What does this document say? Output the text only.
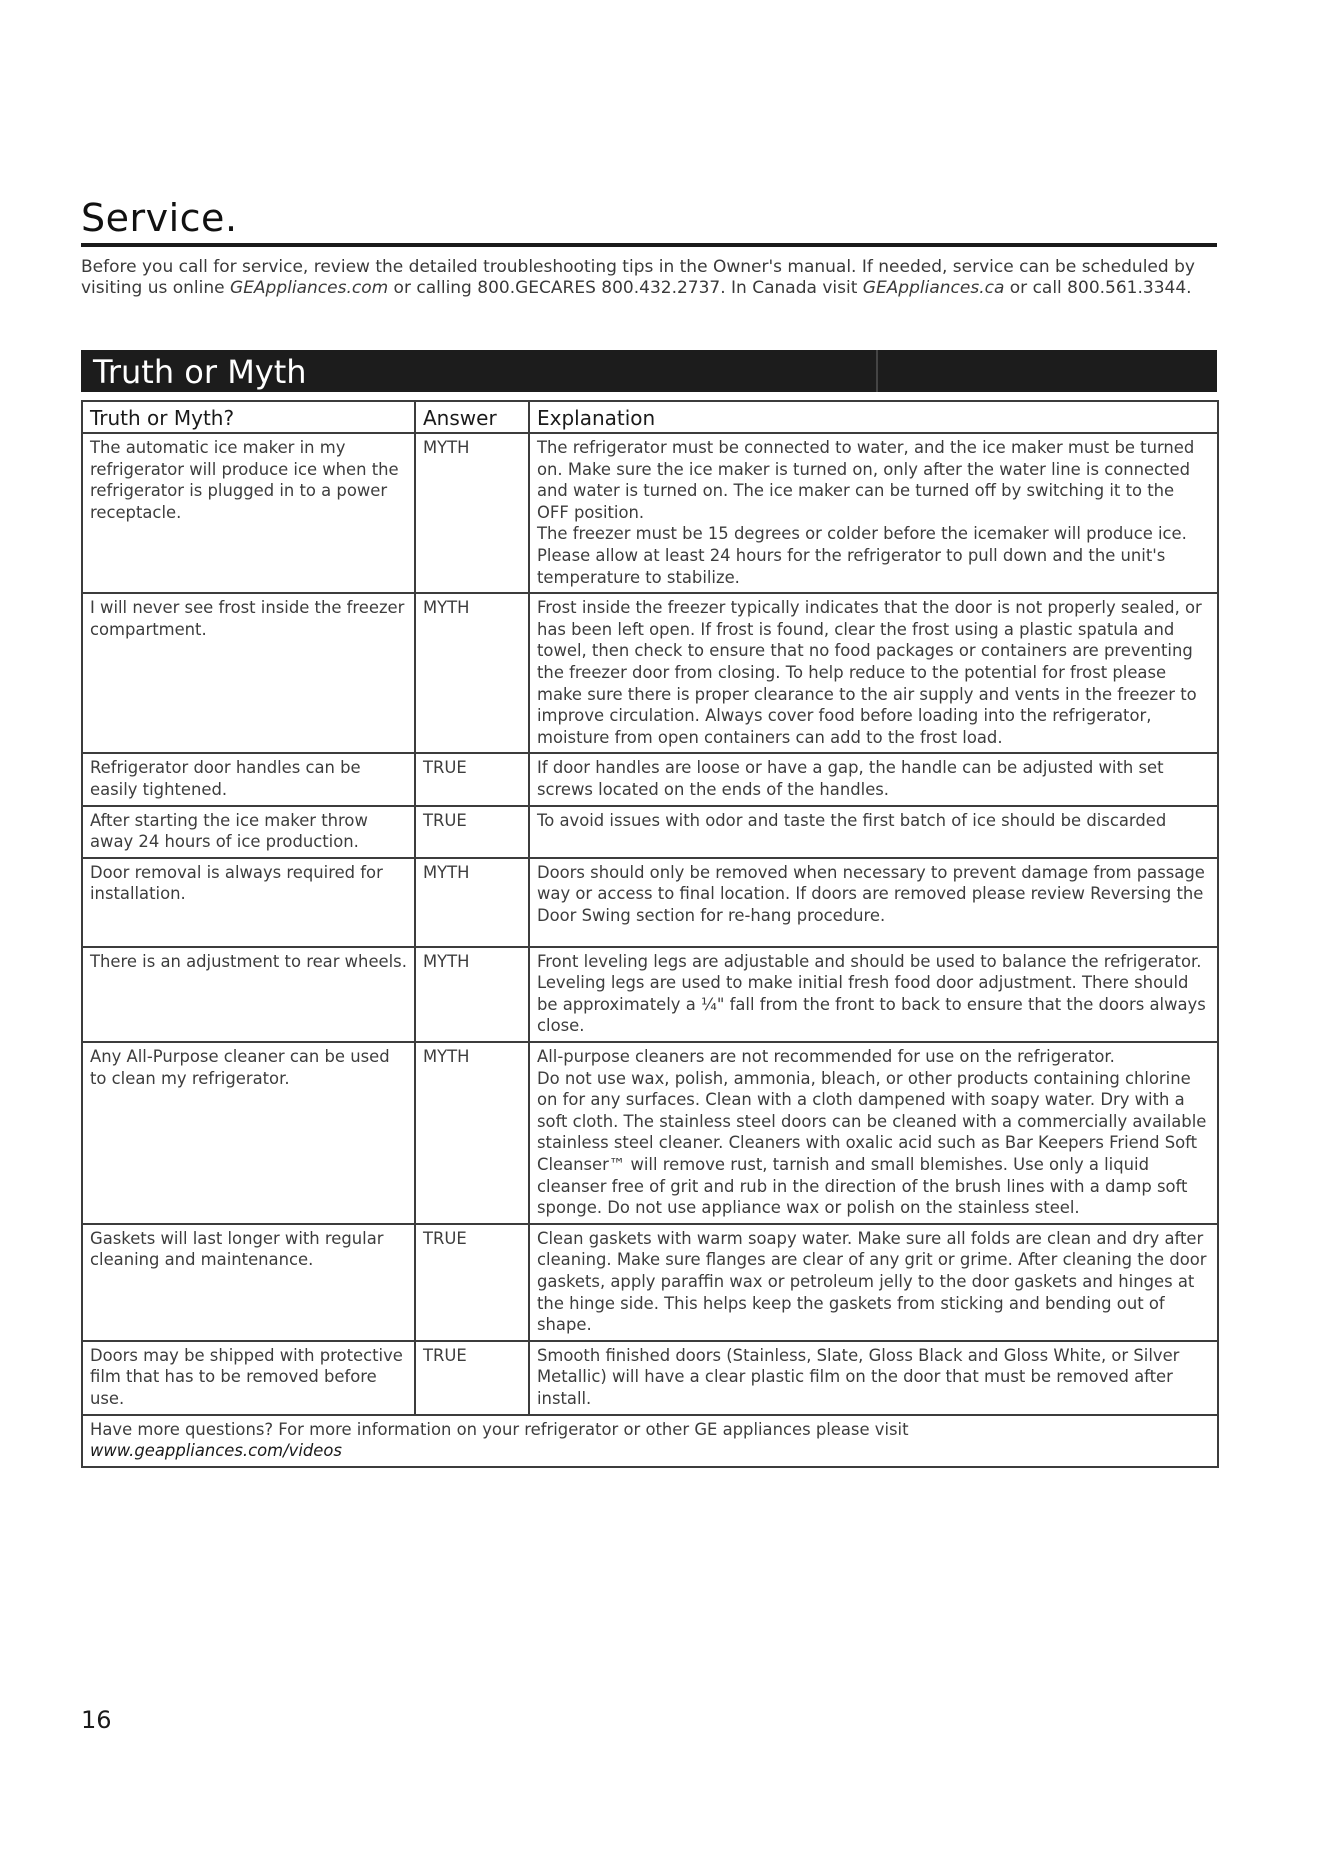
Service.

Before you call for service, review the detailed troubleshooting tips in the Owner's manual. If needed, service can be scheduled by visiting us online GEAppliances.com or calling 800.GECARES 800.432.2737. In Canada visit GEAppliances.ca or call 800.561.3344.

Truth or Myth
Truth or Myth?	Answer	Explanation
The automatic ice maker in my refrigerator will produce ice when the refrigerator is plugged in to a power receptacle.	MYTH	The refrigerator must be connected to water, and the ice maker must be turned on. Make sure the ice maker is turned on, only after the water line is connected and water is turned on. The ice maker can be turned off by switching it to the OFF position.
The freezer must be 15 degrees or colder before the icemaker will produce ice. Please allow at least 24 hours for the refrigerator to pull down and the unit's temperature to stabilize.

I will never see frost inside the freezer compartment.	MYTH	Frost inside the freezer typically indicates that the door is not properly sealed, or has been left open. If frost is found, clear the frost using a plastic spatula and towel, then check to ensure that no food packages or containers are preventing the freezer door from closing. To help reduce to the potential for frost please make sure there is proper clearance to the air supply and vents in the freezer to improve circulation. Always cover food before loading into the refrigerator, moisture from open containers can add to the frost load.
Refrigerator door handles can be easily tightened.	TRUE	If door handles are loose or have a gap, the handle can be adjusted with set screws located on the ends of the handles.
After starting the ice maker throw away 24 hours of ice production.	TRUE	To avoid issues with odor and taste the first batch of ice should be discarded
Door removal is always required for installation.	MYTH	Doors should only be removed when necessary to prevent damage from passage way or access to final location. If doors are removed please review Reversing the Door Swing section for re-hang procedure.
There is an adjustment to rear wheels.	MYTH	Front leveling legs are adjustable and should be used to balance the refrigerator. Leveling legs are used to make initial fresh food door adjustment. There should be approximately a ¼" fall from the front to back to ensure that the doors always close.
Any All-Purpose cleaner can be used to clean my refrigerator.	MYTH	All-purpose cleaners are not recommended for use on the refrigerator.
Do not use wax, polish, ammonia, bleach, or other products containing chlorine on for any surfaces. Clean with a cloth dampened with soapy water. Dry with a soft cloth. The stainless steel doors can be cleaned with a commercially available stainless steel cleaner. Cleaners with oxalic acid such as Bar Keepers Friend Soft Cleanser™ will remove rust, tarnish and small blemishes. Use only a liquid cleanser free of grit and rub in the direction of the brush lines with a damp soft sponge. Do not use appliance wax or polish on the stainless steel.

Gaskets will last longer with regular cleaning and maintenance.	TRUE	Clean gaskets with warm soapy water. Make sure all folds are clean and dry after cleaning. Make sure flanges are clear of any grit or grime. After cleaning the door gaskets, apply paraffin wax or petroleum jelly to the door gaskets and hinges at the hinge side. This helps keep the gaskets from sticking and bending out of shape.
Doors may be shipped with protective film that has to be removed before use.	TRUE	Smooth finished doors (Stainless, Slate, Gloss Black and Gloss White, or Silver Metallic) will have a clear plastic film on the door that must be removed after install.
Have more questions? For more information on your refrigerator or other GE appliances please visit
www.geappliances.com/videos		
16
